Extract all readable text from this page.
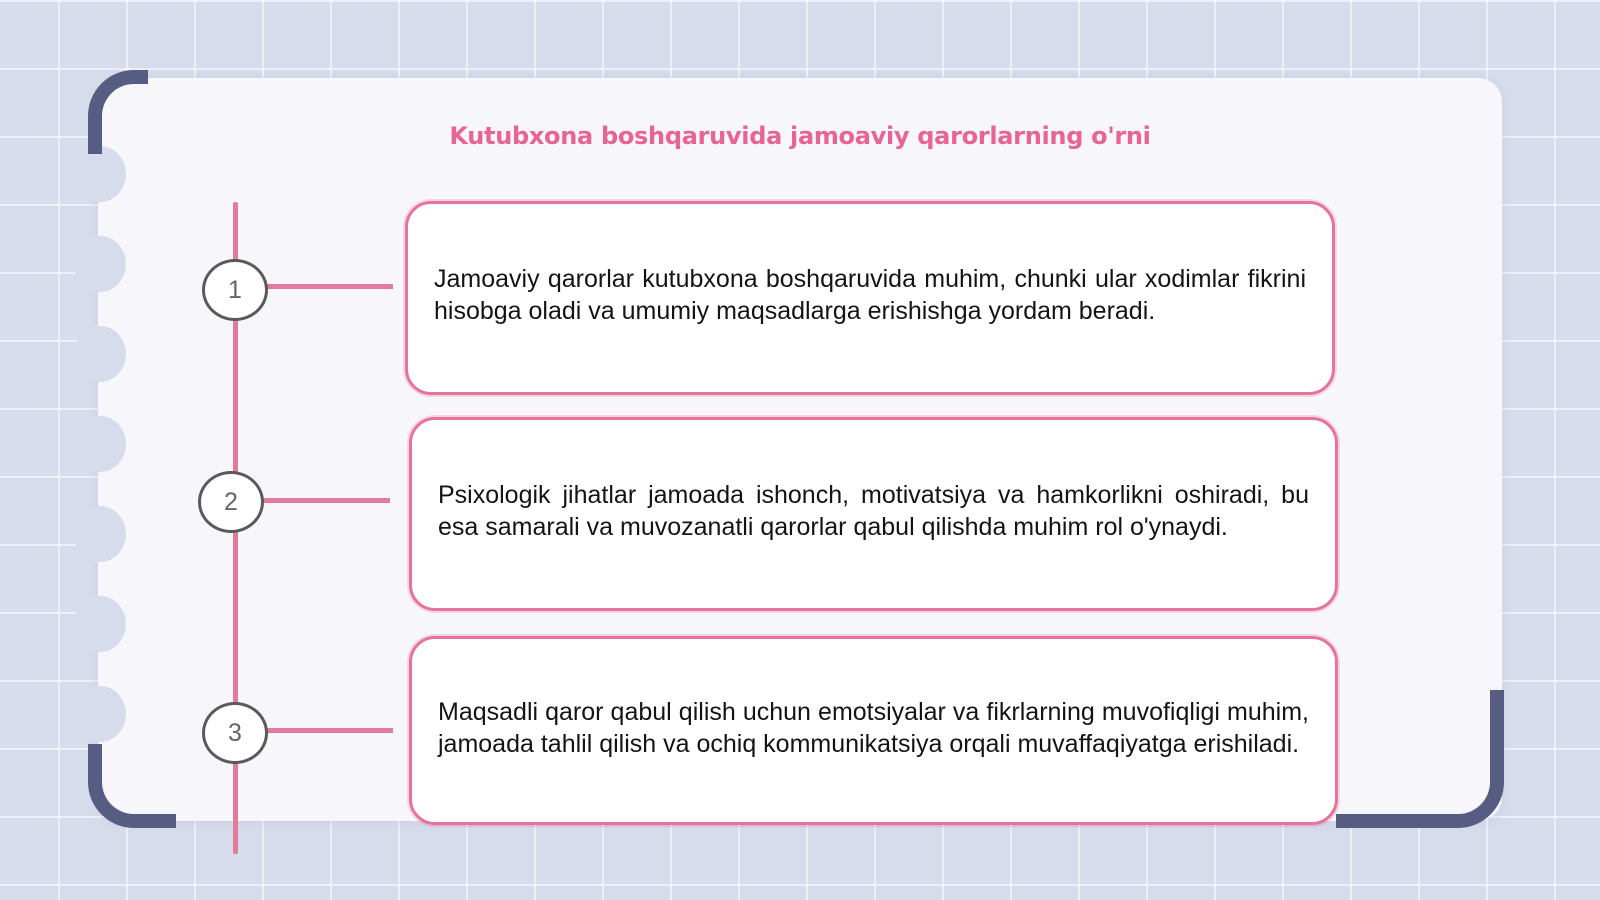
Kutubxona boshqaruvida jamoaviy qarorlarning o'rni
1
2
3

Jamoaviy qarorlar kutubxona boshqaruvida muhim, chunki ular xodimlar fikrini hisobga oladi va umumiy maqsadlarga erishishga yordam beradi.

Psixologik jihatlar jamoada ishonch, motivatsiya va hamkorlikni oshiradi, bu esa samarali va muvozanatli qarorlar qabul qilishda muhim rol o'ynaydi.

Maqsadli qaror qabul qilish uchun emotsiyalar va fikrlarning muvofiqligi muhim, jamoada tahlil qilish va ochiq kommunikatsiya orqali muvaffaqiyatga erishiladi.
